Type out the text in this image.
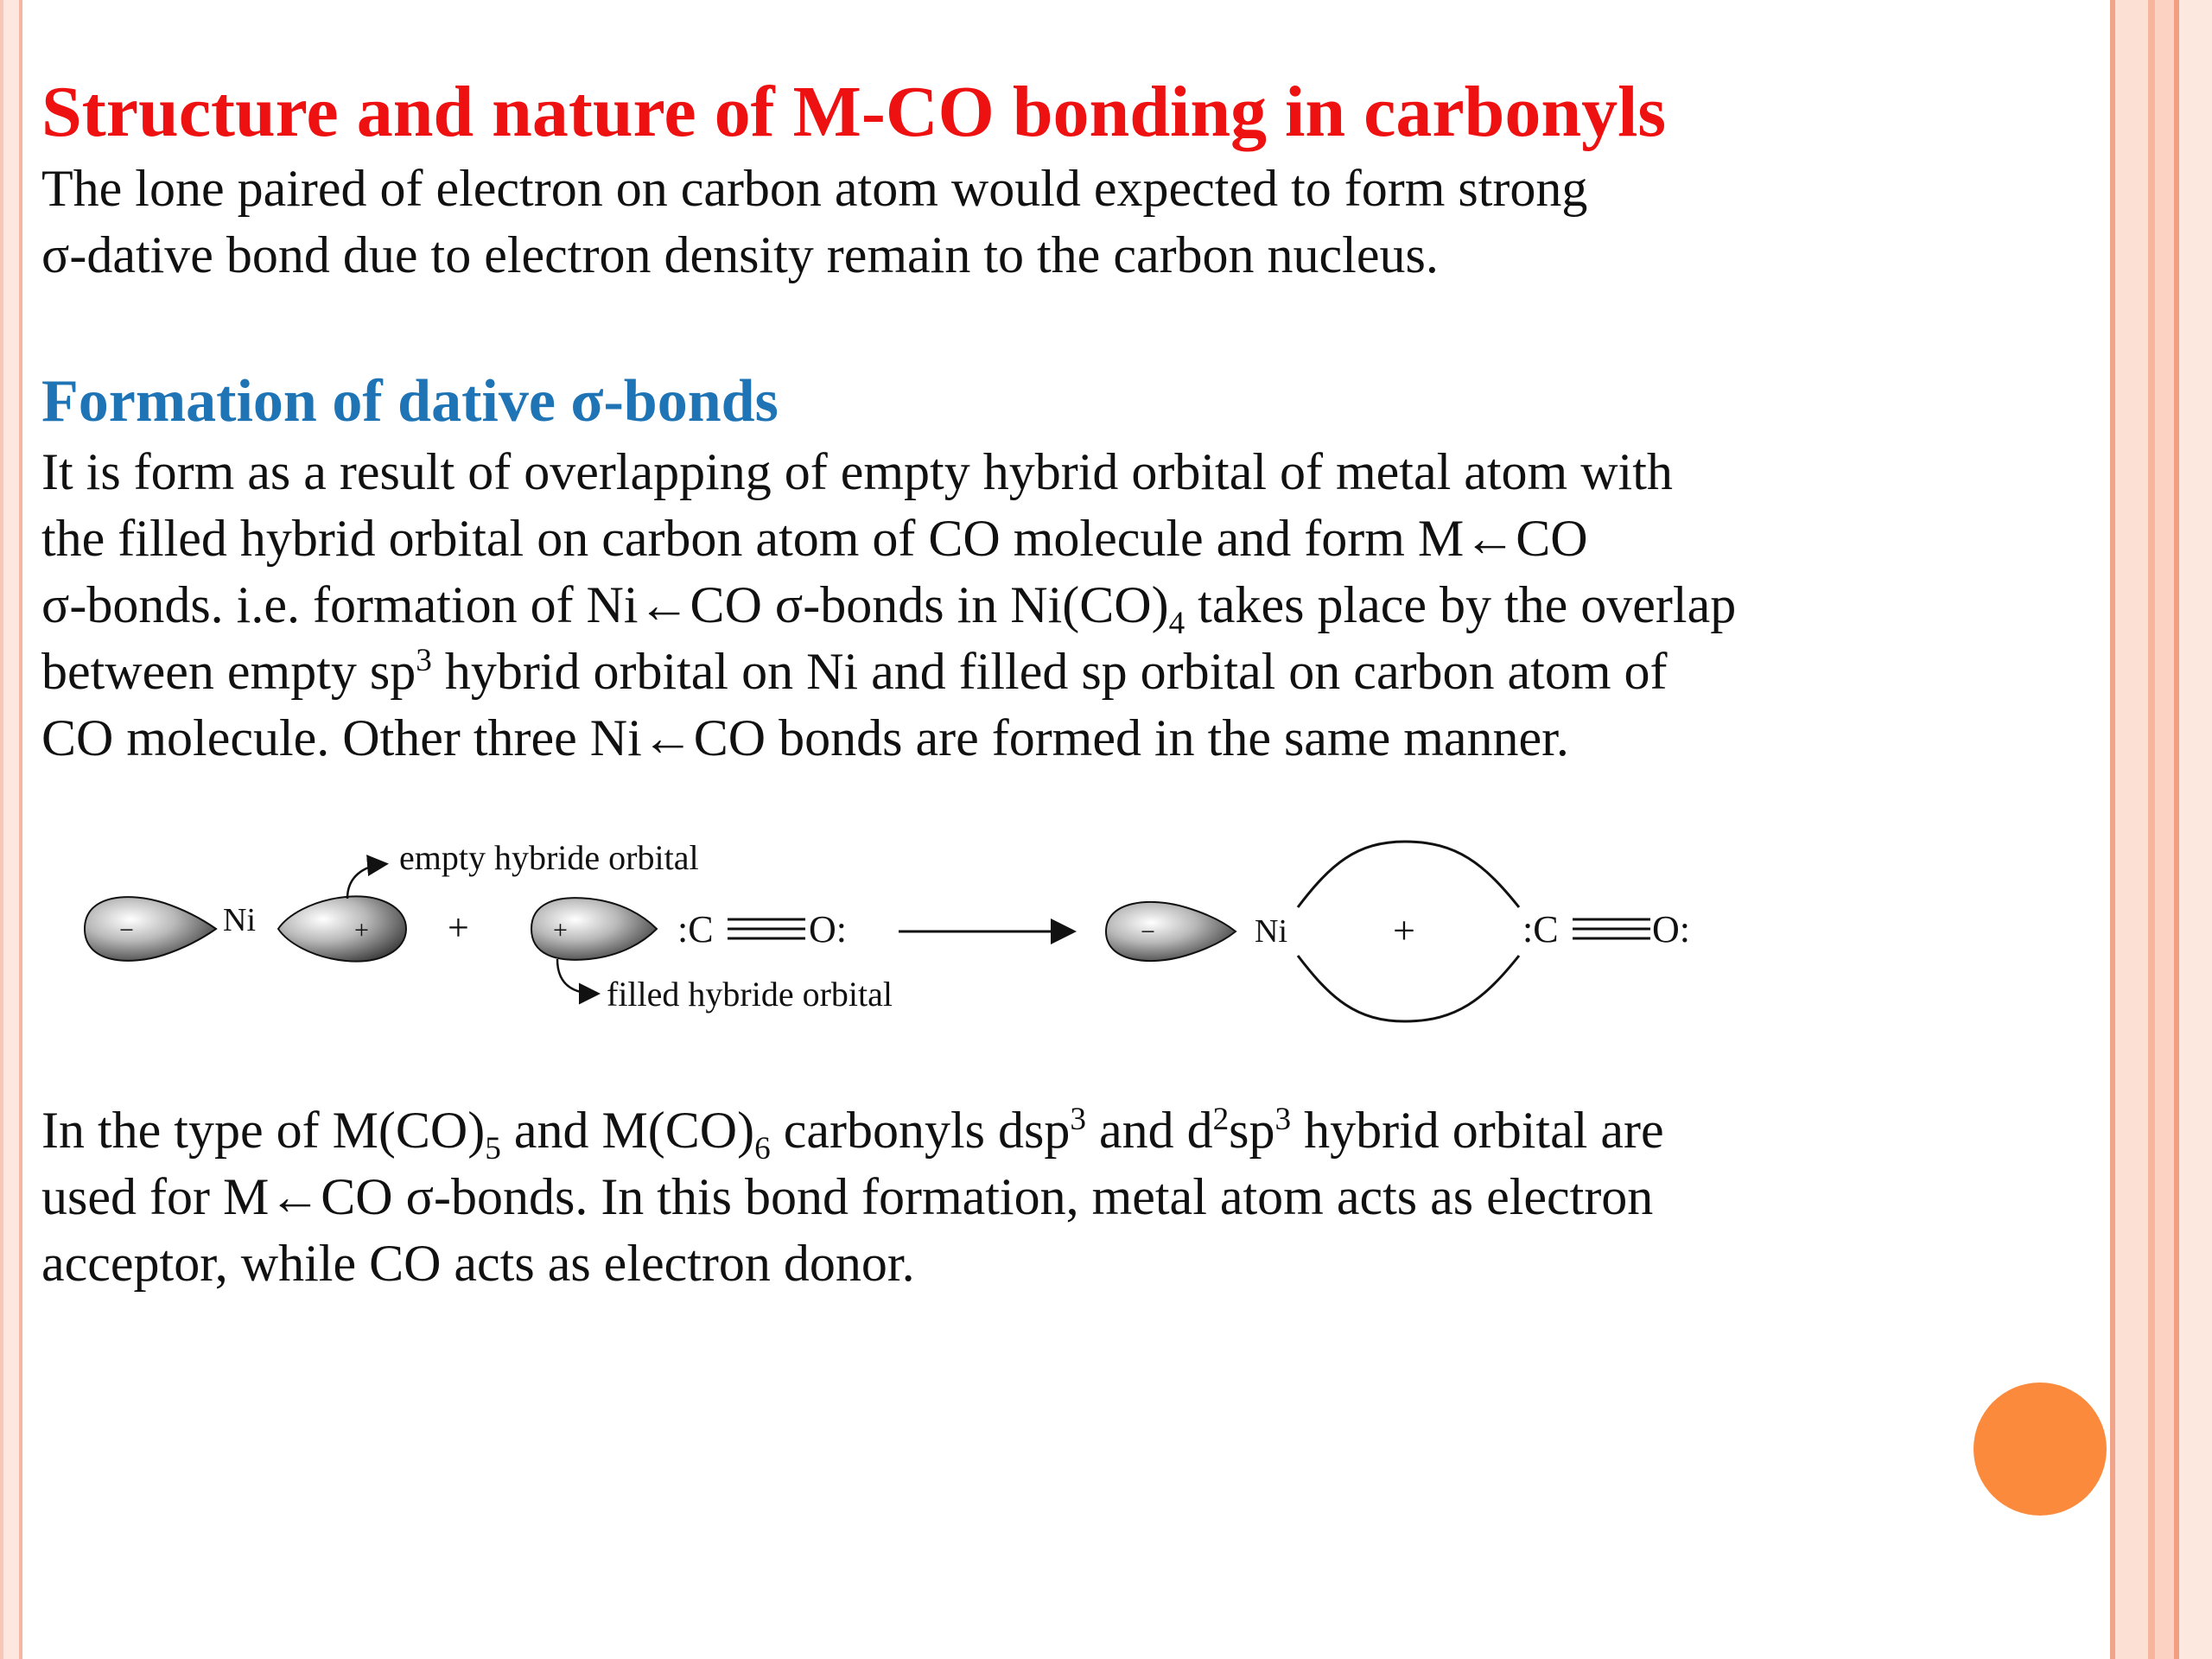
Structure and nature of M-CO bonding in carbonyls

The lone paired of electron on carbon atom would expected to form strong

σ-dative bond due to electron density remain to the carbon nucleus.

Formation of dative σ-bonds

It is form as a result of overlapping of empty hybrid orbital of metal atom with

the filled hybrid orbital on carbon atom of CO molecule and form M←CO

σ-bonds. i.e. formation of Ni←CO σ-bonds in $Ni(CO)_4$ takes place by the overlap

between empty $sp^3$ hybrid orbital on Ni and filled sp orbital on carbon atom of

CO molecule. Other three Ni←CO bonds are formed in the same manner.

−	Ni	+
empty hybride orbital
+	+
filled hybride orbital
:C	O:	−	Ni	+	:C O:

In the type of $M(CO)_5$ and $M(CO)_6$ carbonyls dsp$^3$ and $d^2sp^3$ hybrid orbital are

used for M←CO σ-bonds. In this bond formation, metal atom acts as electron

acceptor, while CO acts as electron donor.
